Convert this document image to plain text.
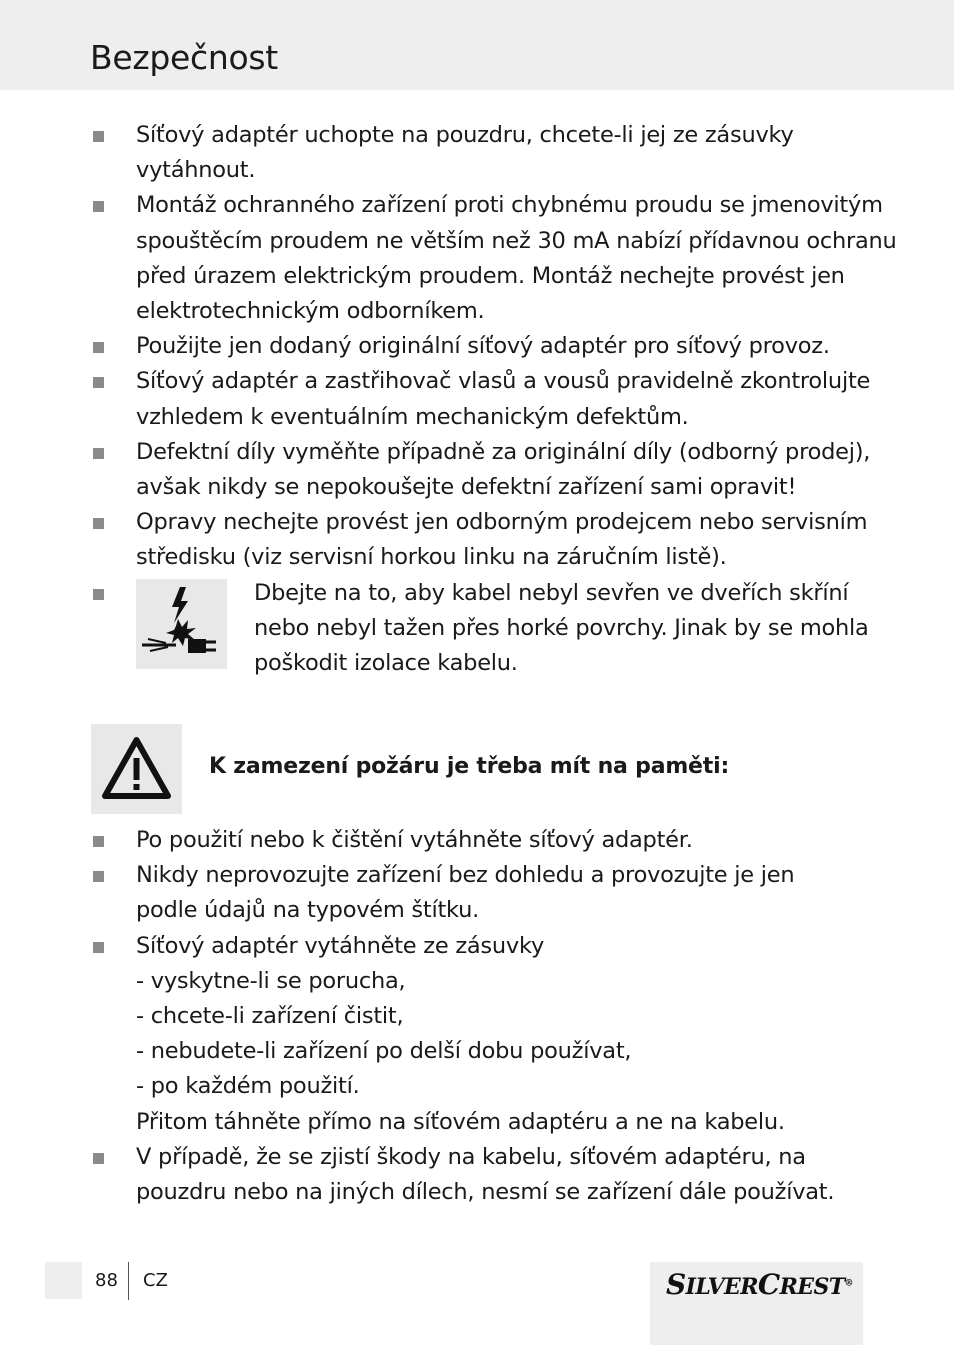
Bezpečnost
Síťový adaptér uchopte na pouzdru, chcete-li jej ze zásuvky
vytáhnout.
Montáž ochranného zařízení proti chybnému proudu se jmenovitým
spouštěcím proudem ne větším než 30 mA nabízí přídavnou ochranu
před úrazem elektrickým proudem. Montáž nechejte provést jen
elektrotechnickým odborníkem.
Použijte jen dodaný originální síťový adaptér pro síťový provoz.
Síťový adaptér a zastřihovač vlasů a vousů pravidelně zkontrolujte
vzhledem k eventuálním mechanickým defektům.
Defektní díly vyměňte případně za originální díly (odborný prodej),
avšak nikdy se nepokoušejte defektní zařízení sami opravit!
Opravy nechejte provést jen odborným prodejcem nebo servisním
středisku (viz servisní horkou linku na záručním listě).
Dbejte na to, aby kabel nebyl sevřen ve dveřích skříní
nebo nebyl tažen přes horké povrchy. Jinak by se mohla
poškodit izolace kabelu.
K zamezení požáru je třeba mít na paměti:
Po použití nebo k čištění vytáhněte síťový adaptér.
Nikdy neprovozujte zařízení bez dohledu a provozujte je jen
podle údajů na typovém štítku.
Síťový adaptér vytáhněte ze zásuvky
- vyskytne-li se porucha,
- chcete-li zařízení čistit,
- nebudete-li zařízení po delší dobu používat,
- po každém použití.
Přitom táhněte přímo na síťovém adaptéru a ne na kabelu.
V případě, že se zjistí škody na kabelu, síťovém adaptéru, na
pouzdru nebo na jiných dílech, nesmí se zařízení dále používat.
88 CZ	SILVERCREST®
